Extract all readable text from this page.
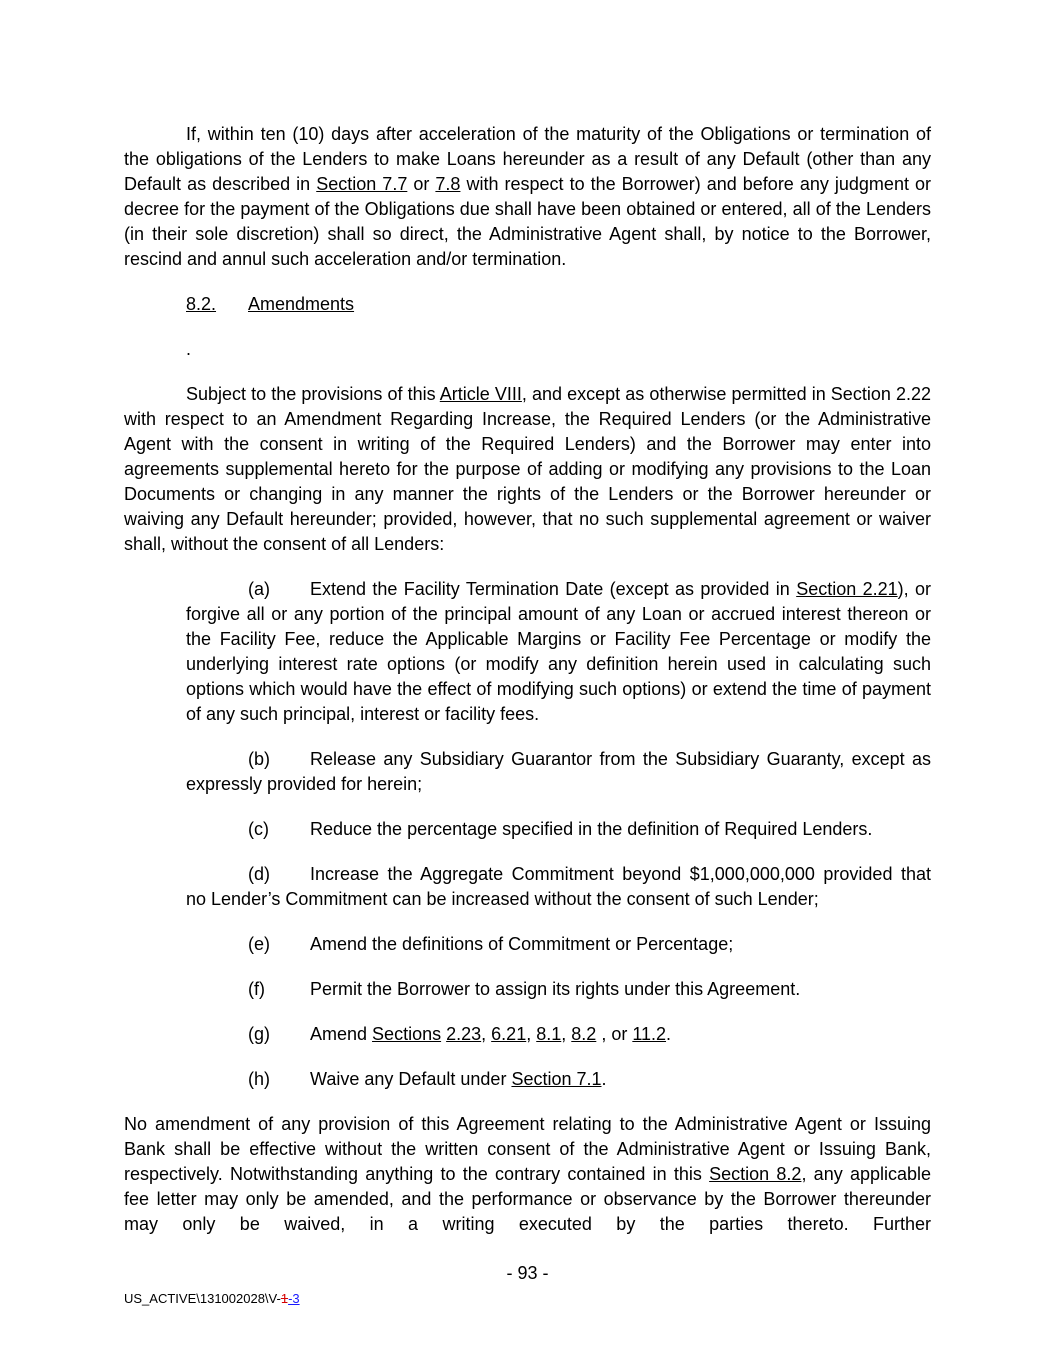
If, within ten (10) days after acceleration of the maturity of the Obligations or termination of the obligations of the Lenders to make Loans hereunder as a result of any Default (other than any Default as described in Section 7.7 or 7.8 with respect to the Borrower) and before any judgment or decree for the payment of the Obligations due shall have been obtained or entered, all of the Lenders (in their sole discretion) shall so direct, the Administrative Agent shall, by notice to the Borrower, rescind and annul such acceleration and/or termination.

8.2. Amendments

.

Subject to the provisions of this Article VIII, and except as otherwise permitted in Section 2.22 with respect to an Amendment Regarding Increase, the Required Lenders (or the Administrative Agent with the consent in writing of the Required Lenders) and the Borrower may enter into agreements supplemental hereto for the purpose of adding or modifying any provisions to the Loan Documents or changing in any manner the rights of the Lenders or the Borrower hereunder or waiving any Default hereunder; provided, however, that no such supplemental agreement or waiver shall, without the consent of all Lenders:

(a) Extend the Facility Termination Date (except as provided in Section 2.21), or forgive all or any portion of the principal amount of any Loan or accrued interest thereon or the Facility Fee, reduce the Applicable Margins or Facility Fee Percentage or modify the underlying interest rate options (or modify any definition herein used in calculating such options which would have the effect of modifying such options) or extend the time of payment of any such principal, interest or facility fees.

(b) Release any Subsidiary Guarantor from the Subsidiary Guaranty, except as expressly provided for herein;

(c) Reduce the percentage specified in the definition of Required Lenders.

(d) Increase the Aggregate Commitment beyond $1,000,000,000 provided that no Lender’s Commitment can be increased without the consent of such Lender;

(e) Amend the definitions of Commitment or Percentage;

(f)	Permit the Borrower to assign its rights under this Agreement.

(g) Amend Sections 2.23, 6.21, 8.1, 8.2 , or 11.2.

(h) Waive any Default under Section 7.1.

No amendment of any provision of this Agreement relating to the Administrative Agent or Issuing Bank shall be effective without the written consent of the Administrative Agent or Issuing Bank, respectively. Notwithstanding anything to the contrary contained in this Section 8.2, any applicable fee letter may only be amended, and the performance or observance by the Borrower thereunder may only be waived, in a writing executed by the parties thereto. Further

- 93 -
US_ACTIVE\131002028\V-1-3
